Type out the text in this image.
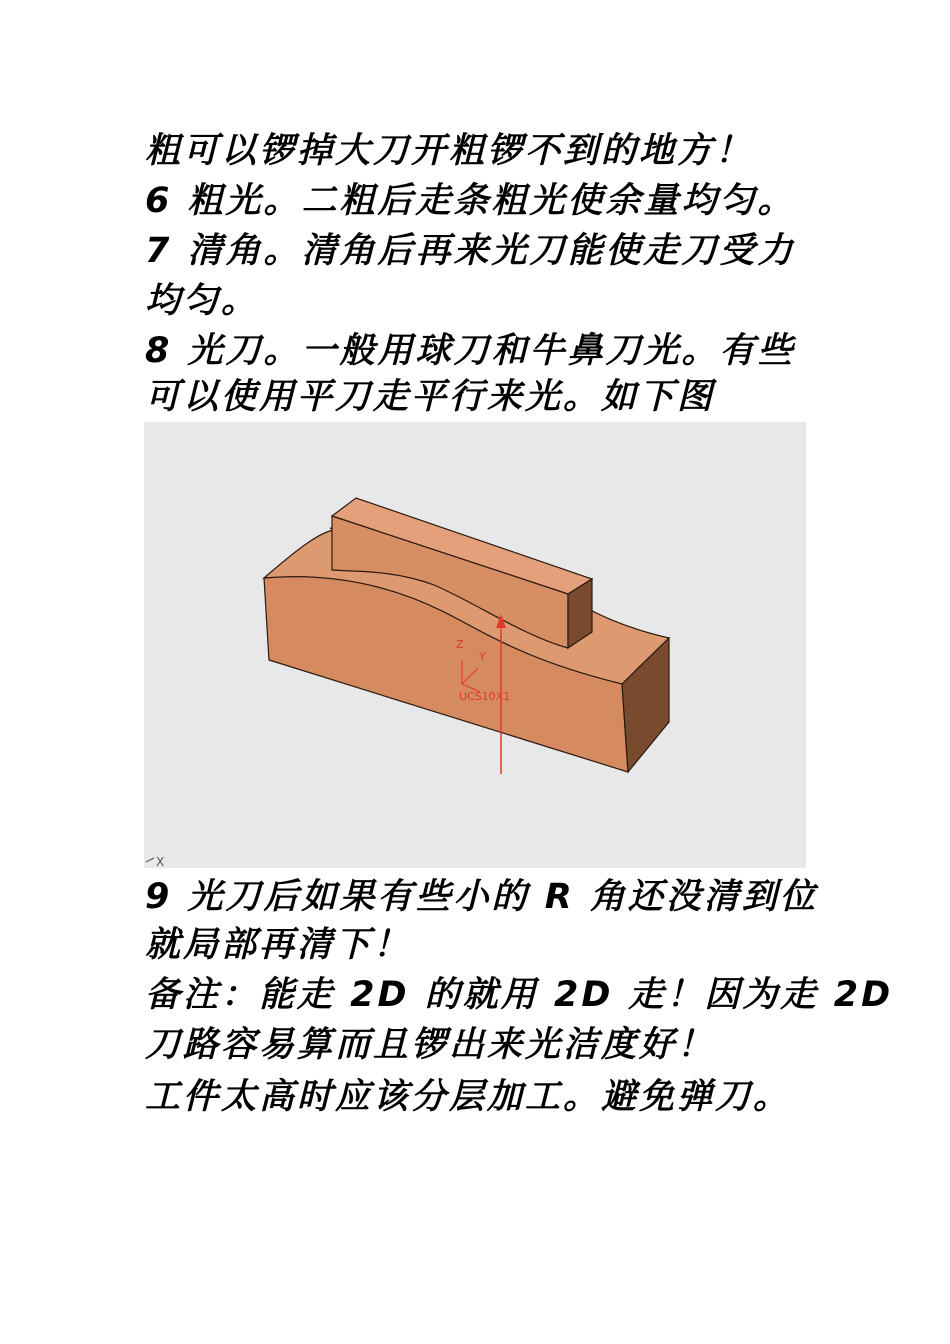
粗可以锣掉大刀开粗锣不到的地方！
6 粗光。二粗后走条粗光使余量均匀。
7 清角。清角后再来光刀能使走刀受力
均匀。
8 光刀。一般用球刀和牛鼻刀光。有些
可以使用平刀走平行来光。如下图
Z
Y
UCS10X1
X
9 光刀后如果有些小的 R 角还没清到位
就局部再清下！
备注：能走 2D 的就用 2D 走！因为走 2D
刀路容易算而且锣出来光洁度好！
工件太高时应该分层加工。避免弹刀。
